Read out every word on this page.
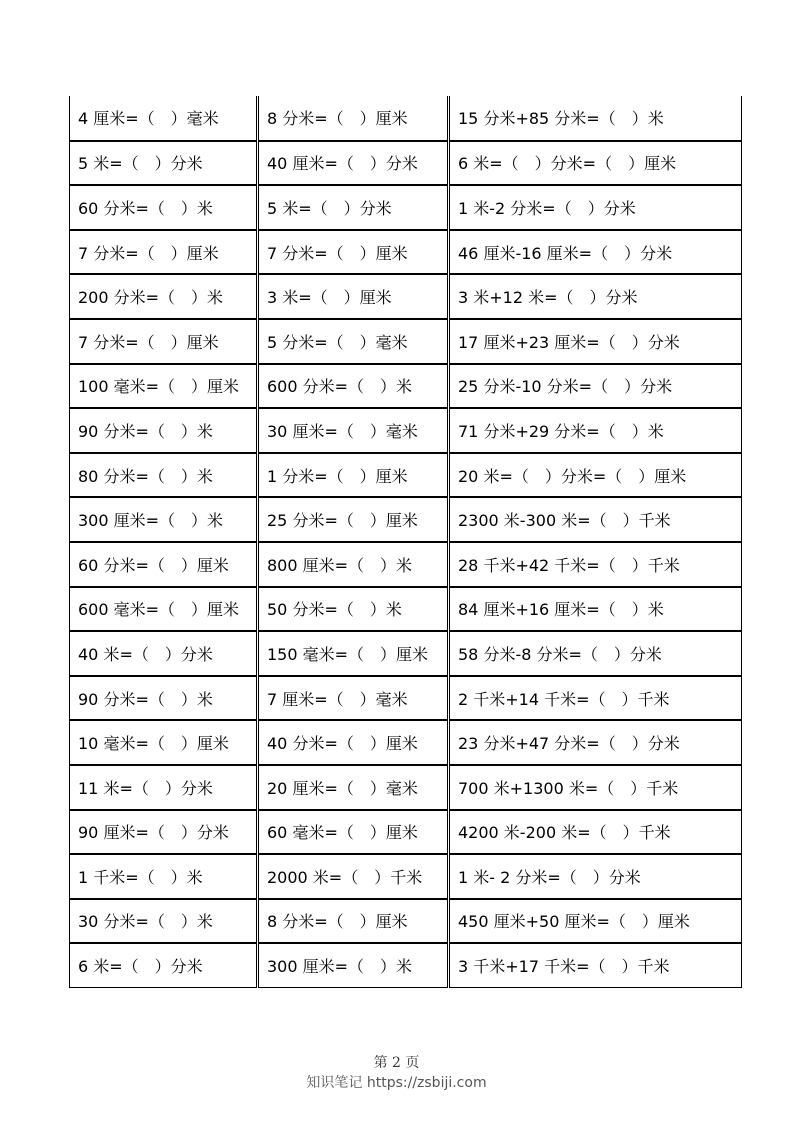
4 厘米=（　）毫米	8 分米=（　）厘米	15 分米+85 分米=（　）米
5 米=（　）分米	40 厘米=（　）分米	6 米=（　）分米=（　）厘米
60 分米=（　）米	5 米=（　）分米	1 米-2 分米=（　）分米
7 分米=（　）厘米	7 分米=（　）厘米	46 厘米-16 厘米=（　）分米
200 分米=（　）米	3 米=（　）厘米	3 米+12 米=（　）分米
7 分米=（　）厘米	5 分米=（　）毫米	17 厘米+23 厘米=（　）分米
100 毫米=（　）厘米	600 分米=（　）米	25 分米-10 分米=（　）分米
90 分米=（　）米	30 厘米=（　）毫米	71 分米+29 分米=（　）米
80 分米=（　）米	1 分米=（　）厘米	20 米=（　）分米=（　）厘米
300 厘米=（　）米	25 分米=（　）厘米	2300 米-300 米=（　）千米
60 分米=（　）厘米	800 厘米=（　）米	28 千米+42 千米=（　）千米
600 毫米=（　）厘米	50 分米=（　）米	84 厘米+16 厘米=（　）米
40 米=（　）分米	150 毫米=（　）厘米	58 分米-8 分米=（　）分米
90 分米=（　）米	7 厘米=（　）毫米	2 千米+14 千米=（　）千米
10 毫米=（　）厘米	40 分米=（　）厘米	23 分米+47 分米=（　）分米
11 米=（　）分米	20 厘米=（　）毫米	700 米+1300 米=（　）千米
90 厘米=（　）分米	60 毫米=（　）厘米	4200 米-200 米=（　）千米
1 千米=（　）米	2000 米=（　）千米	1 米- 2 分米=（　）分米
30 分米=（　）米	8 分米=（　）厘米	450 厘米+50 厘米=（　）厘米
6 米=（　）分米	300 厘米=（　）米	3 千米+17 千米=（　）千米
第 2 页
知识笔记 https://zsbiji.com
